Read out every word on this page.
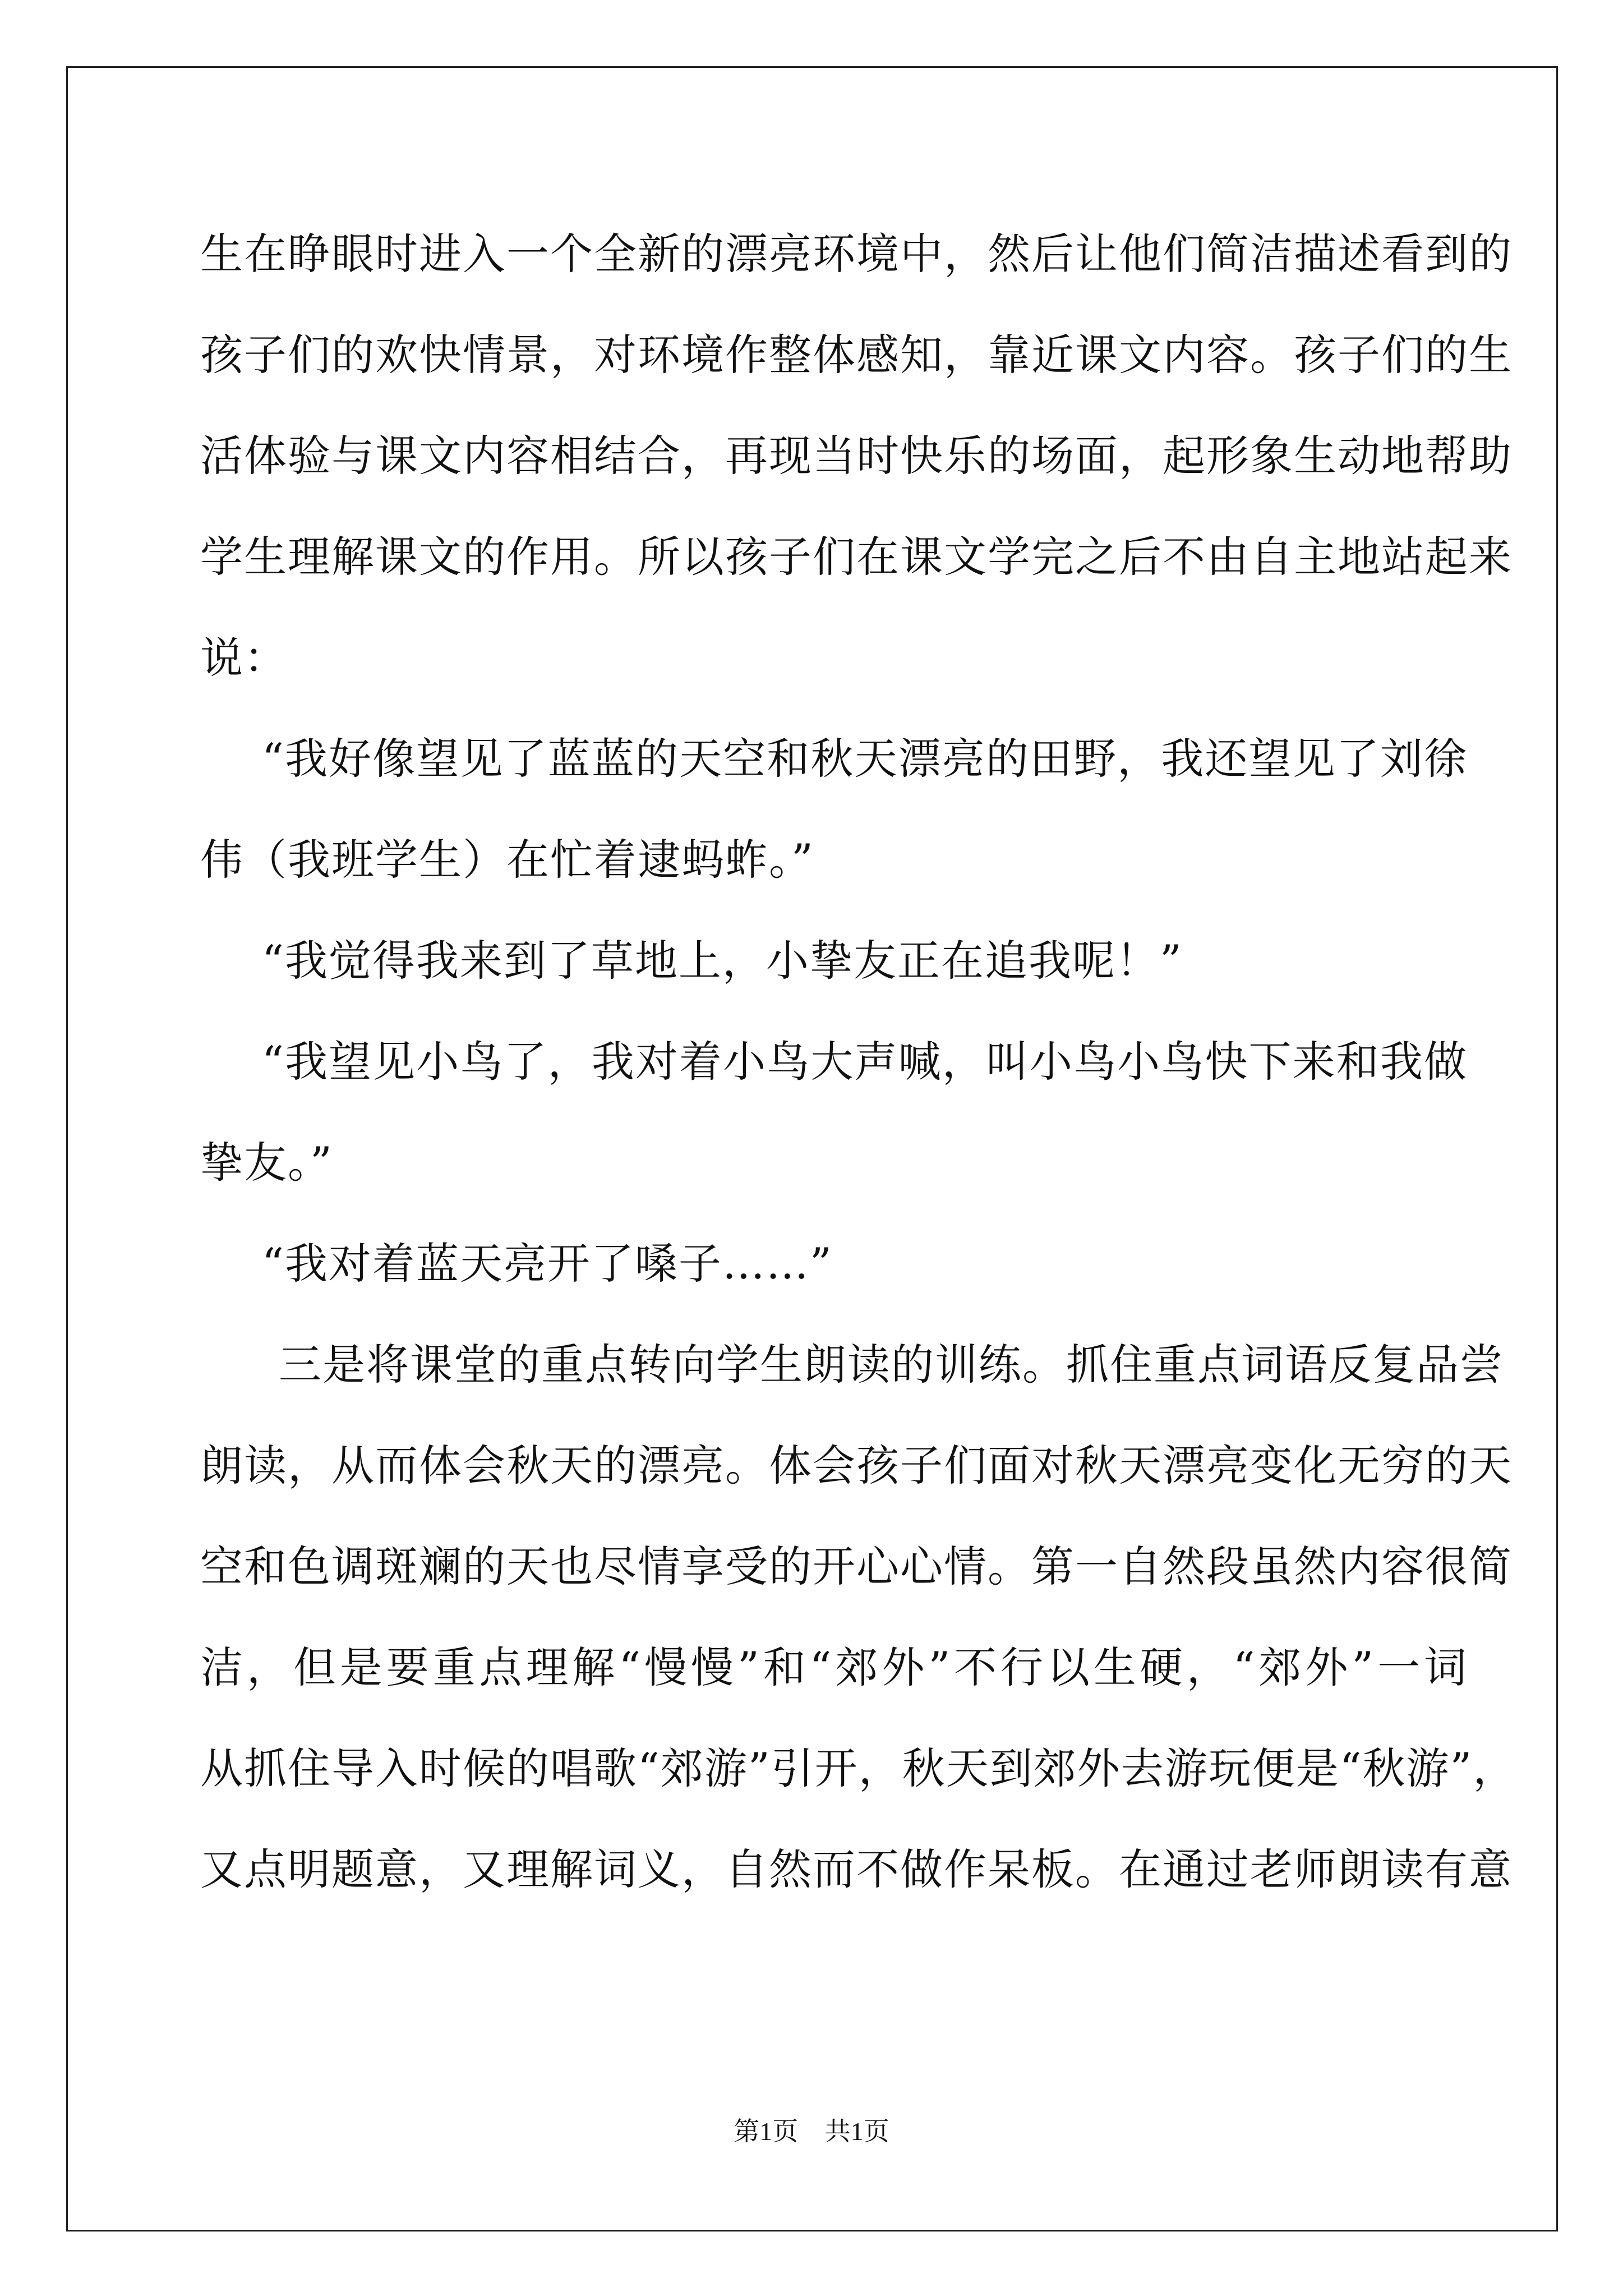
生在睁眼时进入一个全新的漂亮环境中，然后让他们简洁描述看到的
孩子们的欢快情景，对环境作整体感知，靠近课文内容。孩子们的生
活体验与课文内容相结合，再现当时快乐的场面，起形象生动地帮助
学生理解课文的作用。所以孩子们在课文学完之后不由自主地站起来
说：
“我好像望见了蓝蓝的天空和秋天漂亮的田野，我还望见了刘徐
伟（我班学生）在忙着逮蚂蚱。”
“我觉得我来到了草地上，小挚友正在追我呢！”
“我望见小鸟了，我对着小鸟大声喊，叫小鸟小鸟快下来和我做
挚友。”
“我对着蓝天亮开了嗓子……”
三是将课堂的重点转向学生朗读的训练。抓住重点词语反复品尝
朗读，从而体会秋天的漂亮。体会孩子们面对秋天漂亮变化无穷的天
空和色调斑斓的天也尽情享受的开心心情。第一自然段虽然内容很简
洁，但是要重点理解“慢慢”和“郊外”不行以生硬，“郊外”一词
从抓住导入时候的唱歌“郊游”引开，秋天到郊外去游玩便是“秋游”，
又点明题意，又理解词义，自然而不做作呆板。在通过老师朗读有意
第1页 共1页
